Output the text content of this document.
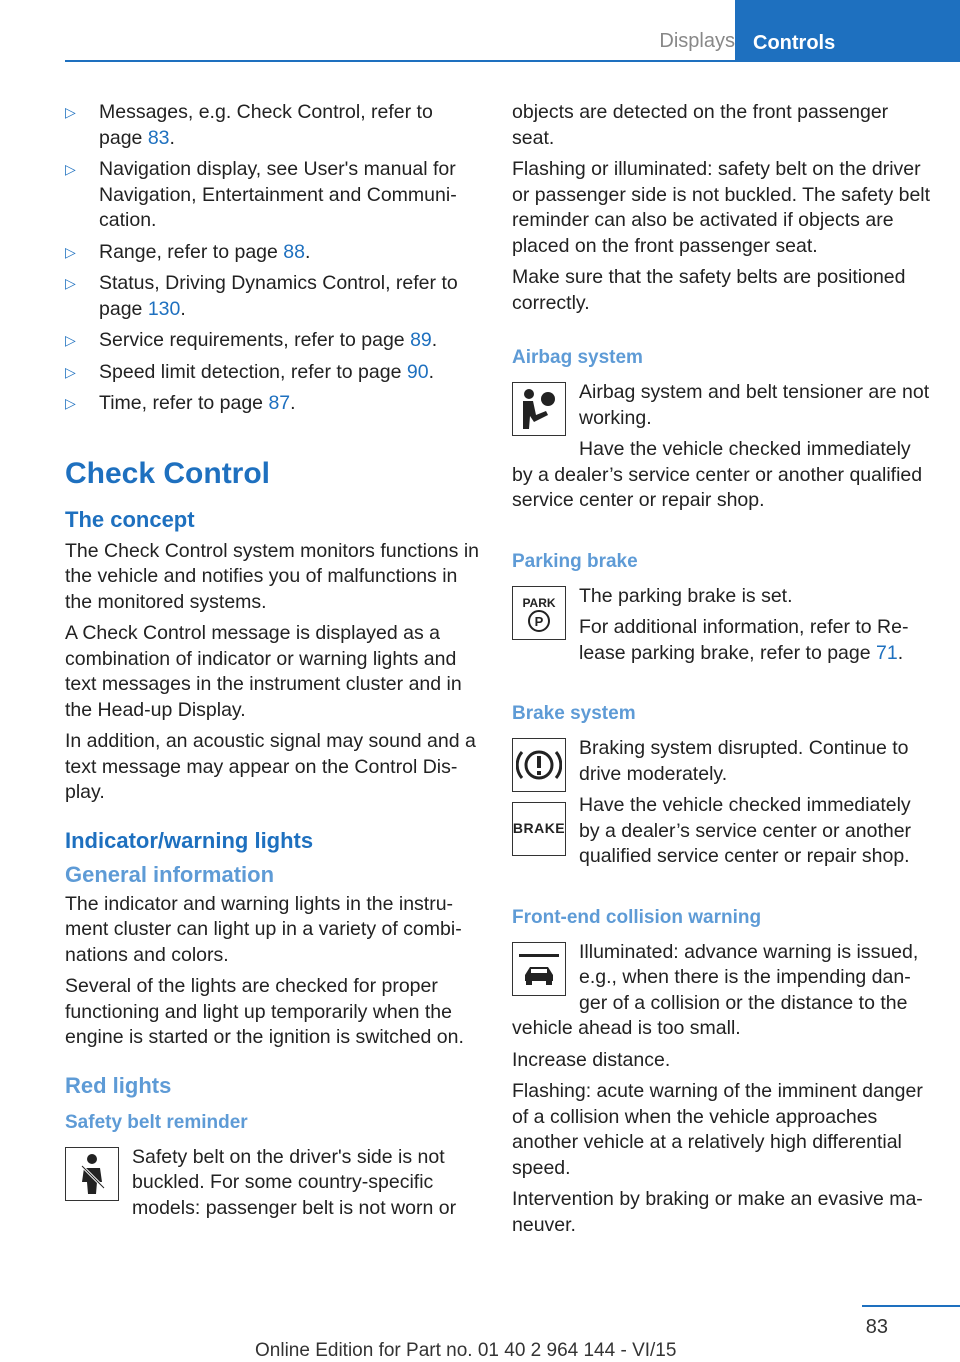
Displays Controls
▷ Messages, e.g. Check Control, refer to page 83.
▷ Navigation display, see User's manual for Navigation, Entertainment and Communication.
▷ Range, refer to page 88.
▷ Status, Driving Dynamics Control, refer to page 130.
▷ Service requirements, refer to page 89.
▷ Speed limit detection, refer to page 90.
▷ Time, refer to page 87.
Check Control
The concept

The Check Control system monitors functions in the vehicle and notifies you of malfunctions in the monitored systems.

A Check Control message is displayed as a combination of indicator or warning lights and text messages in the instrument cluster and in the Head-up Display.

In addition, an acoustic signal may sound and a text message may appear on the Control Display.

Indicator/warning lights
General information

The indicator and warning lights in the instrument cluster can light up in a variety of combinations and colors.

Several of the lights are checked for proper functioning and light up temporarily when the engine is started or the ignition is switched on.

Red lights
Safety belt reminder

Safety belt on the driver's side is not buckled. For some country-specific models: passenger belt is not worn or

objects are detected on the front passenger seat.

Flashing or illuminated: safety belt on the driver or passenger side is not buckled. The safety belt reminder can also be activated if objects are placed on the front passenger seat.

Make sure that the safety belts are positioned correctly.

Airbag system

Airbag system and belt tensioner are not working.

Have the vehicle checked immediately by a dealer’s service center or another qualified service center or repair shop.

Parking brake
PARK
P

The parking brake is set.

For additional information, refer to Release parking brake, refer to page 71.

Brake system

Braking system disrupted. Continue to drive moderately.

BRAKE

Have the vehicle checked immediately by a dealer’s service center or another qualified service center or repair shop.

Front-end collision warning

Illuminated: advance warning is issued, e.g., when there is the impending danger of a collision or the distance to the vehicle ahead is too small.

Increase distance.

Flashing: acute warning of the imminent danger of a collision when the vehicle approaches another vehicle at a relatively high differential speed.

Intervention by braking or make an evasive maneuver.

83
Online Edition for Part no. 01 40 2 964 144 - VI/15
